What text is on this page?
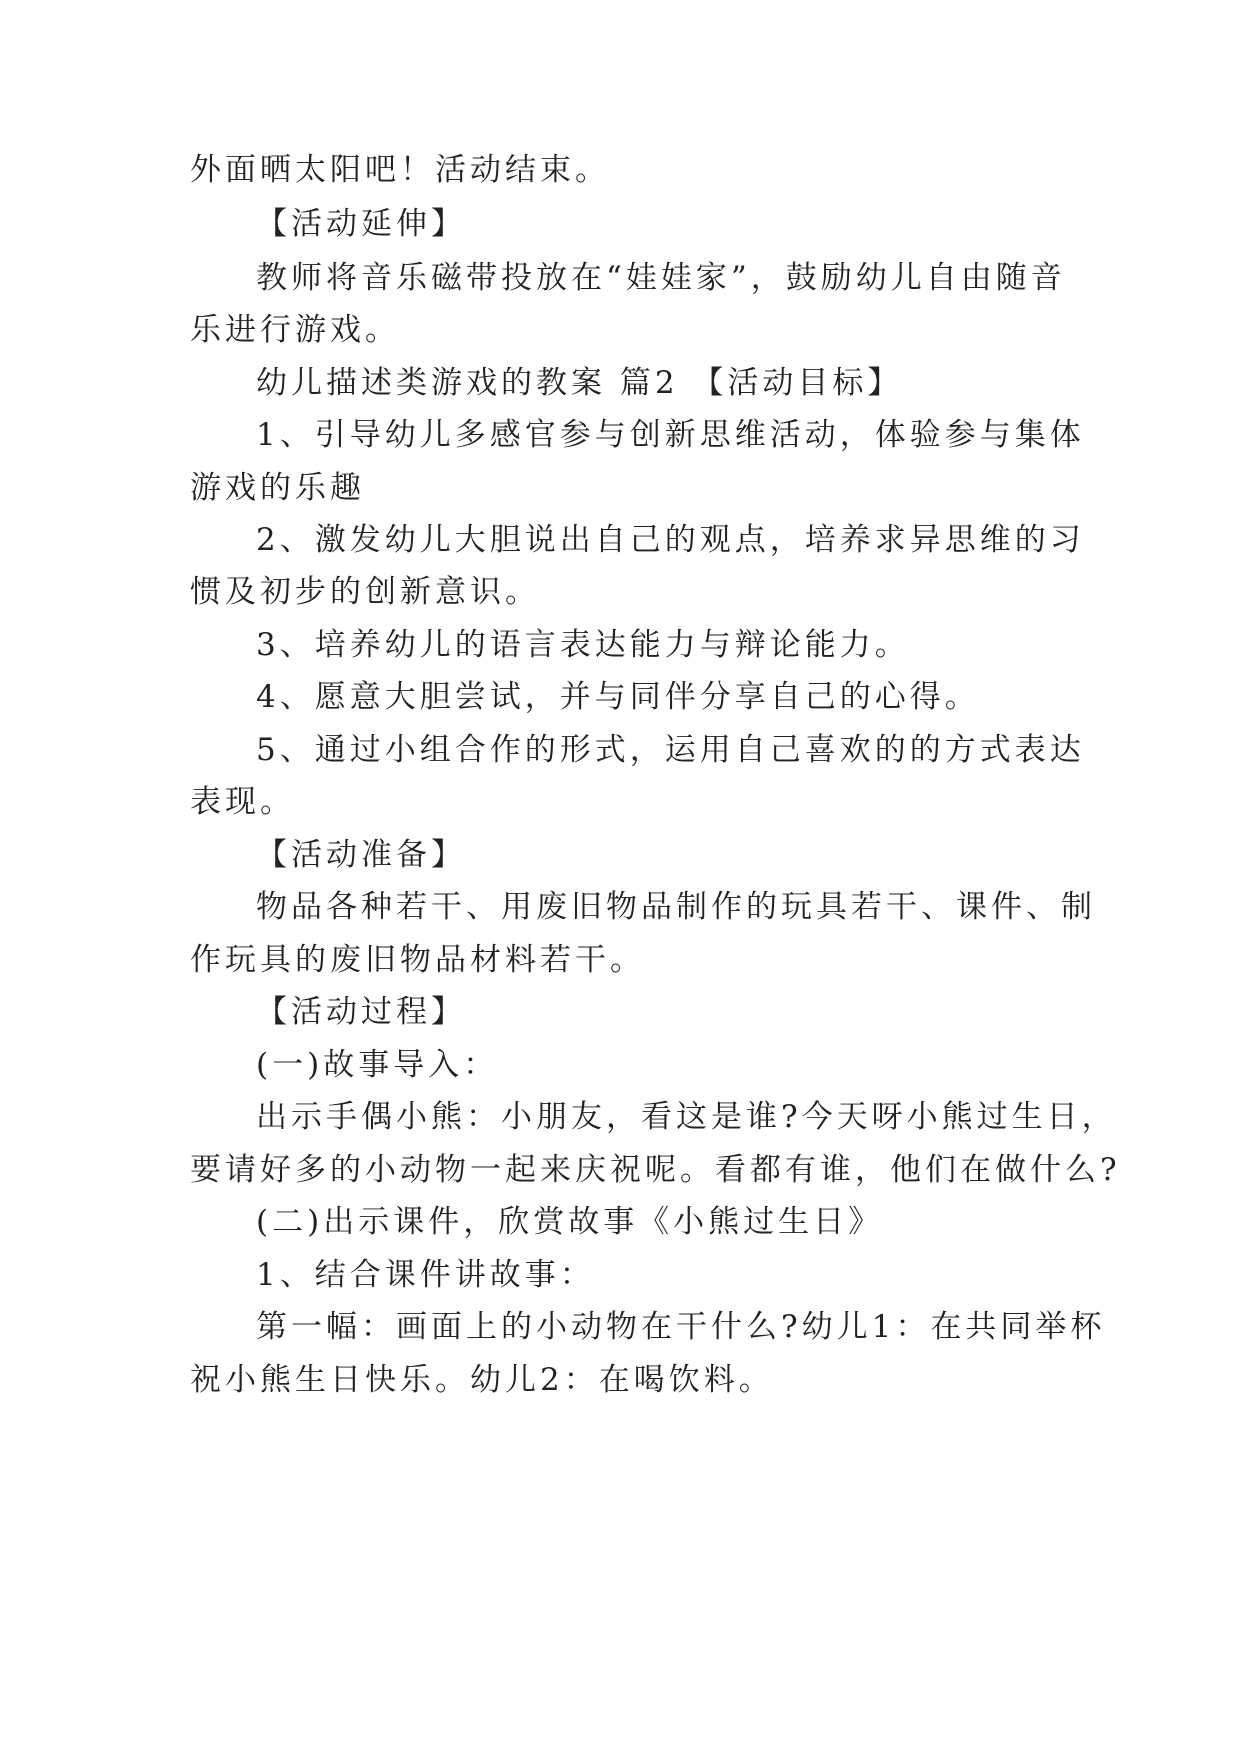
外面晒太阳吧！活动结束。
【活动延伸】
教师将音乐磁带投放在“娃娃家”，鼓励幼儿自由随音
乐进行游戏。
幼儿描述类游戏的教案 篇2 【活动目标】
1、引导幼儿多感官参与创新思维活动，体验参与集体
游戏的乐趣
2、激发幼儿大胆说出自己的观点，培养求异思维的习
惯及初步的创新意识。
3、培养幼儿的语言表达能力与辩论能力。
4、愿意大胆尝试，并与同伴分享自己的心得。
5、通过小组合作的形式，运用自己喜欢的的方式表达
表现。
【活动准备】
物品各种若干、用废旧物品制作的玩具若干、课件、制
作玩具的废旧物品材料若干。
【活动过程】
(一)故事导入：
出示手偶小熊：小朋友，看这是谁?今天呀小熊过生日，
要请好多的小动物一起来庆祝呢。看都有谁，他们在做什么?
(二)出示课件，欣赏故事《小熊过生日》
1、结合课件讲故事：
第一幅：画面上的小动物在干什么?幼儿1：在共同举杯
祝小熊生日快乐。幼儿2：在喝饮料。
